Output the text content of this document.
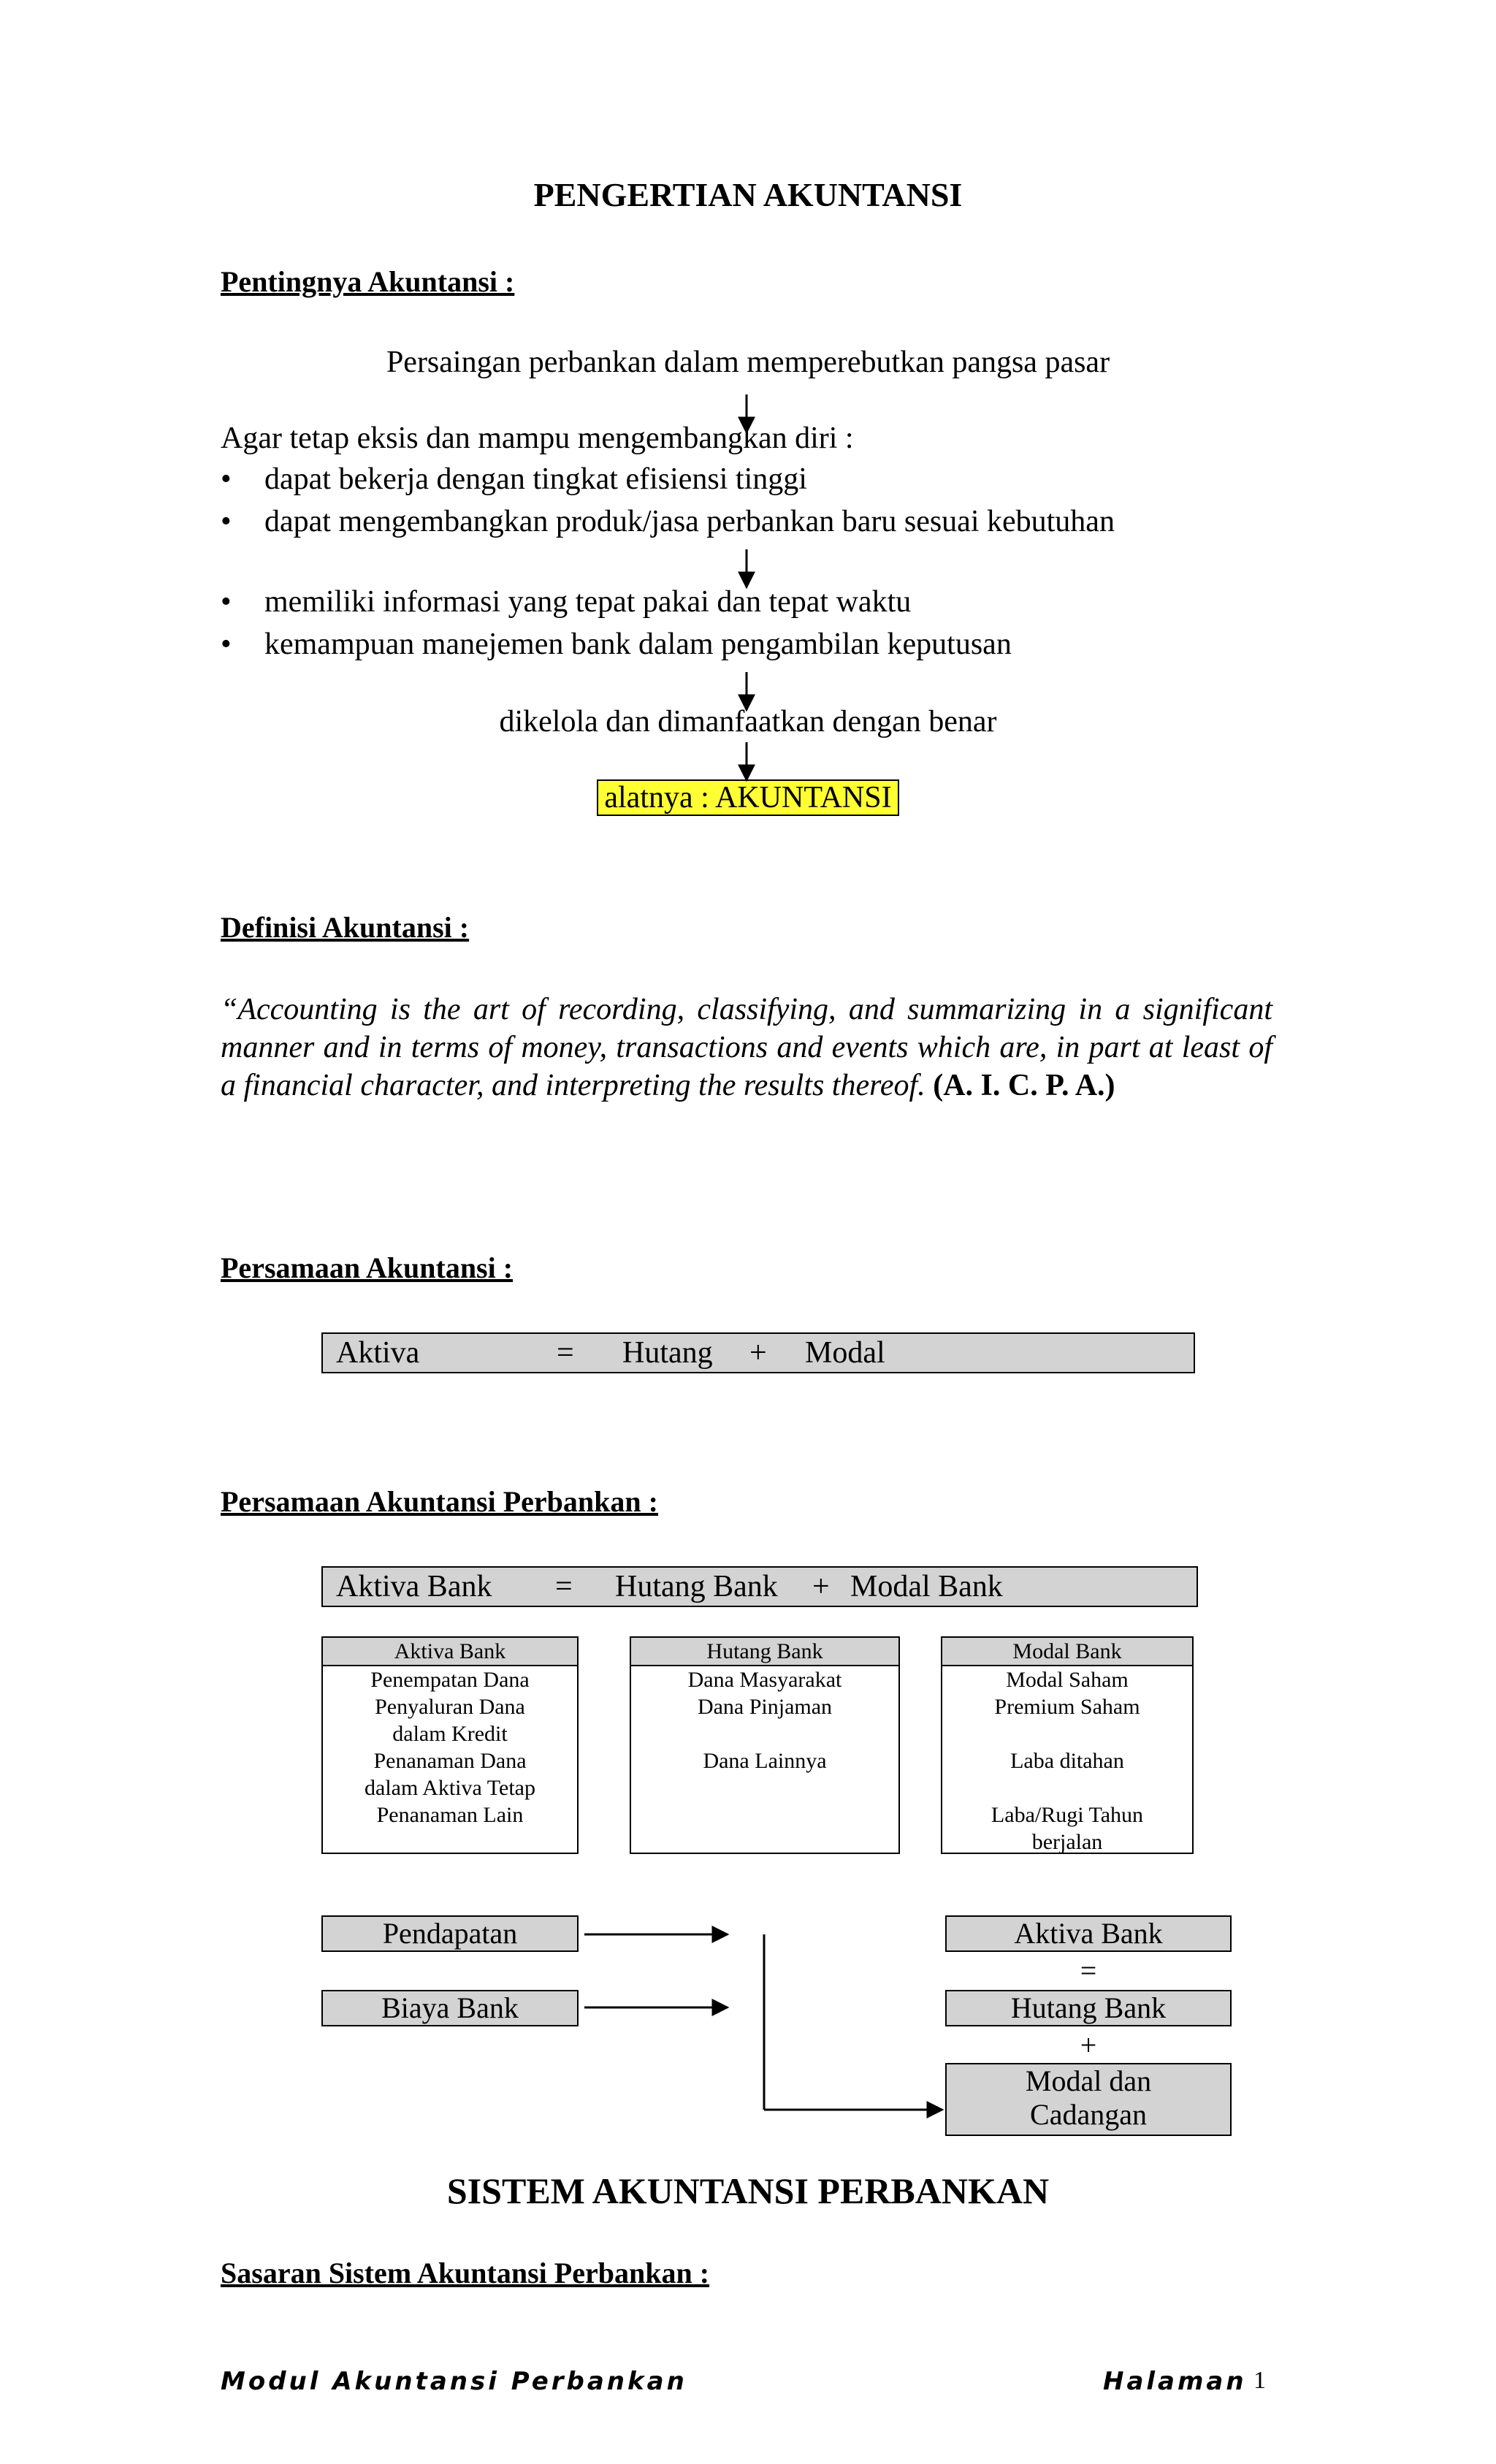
PENGERTIAN AKUNTANSI
Pentingnya Akuntansi :
Persaingan perbankan dalam memperebutkan pangsa pasar
Agar tetap eksis dan mampu mengembangkan diri :
• dapat bekerja dengan tingkat efisiensi tinggi
• dapat mengembangkan produk/jasa perbankan baru sesuai kebutuhan
• memiliki informasi yang tepat pakai dan tepat waktu
• kemampuan manejemen bank dalam pengambilan keputusan
dikelola dan dimanfaatkan dengan benar
alatnya : AKUNTANSI
Definisi Akuntansi :
“Accounting is the art of recording, classifying, and summarizing in a significant manner and in terms of money, transactions and events which are, in part at least of a financial character, and interpreting the results thereof. (A. I. C. P. A.)
Persamaan Akuntansi :
Aktiva	= Hutang + Modal
Persamaan Akuntansi Perbankan :
Aktiva Bank = Hutang Bank + Modal Bank
Aktiva Bank
Penempatan Dana
Penyaluran Dana
dalam Kredit
Penanaman Dana
dalam Aktiva Tetap
Penanaman Lain
Hutang Bank
Dana Masyarakat
Dana Pinjaman
Dana Lainnya
Modal Bank
Modal Saham
Premium Saham
Laba ditahan
Laba/Rugi Tahun
berjalan
Pendapatan
Biaya Bank
Aktiva Bank
=
Hutang Bank
+
Modal dan
Cadangan
SISTEM AKUNTANSI PERBANKAN
Sasaran Sistem Akuntansi Perbankan :
Modul Akuntansi Perbankan	Halaman 1
